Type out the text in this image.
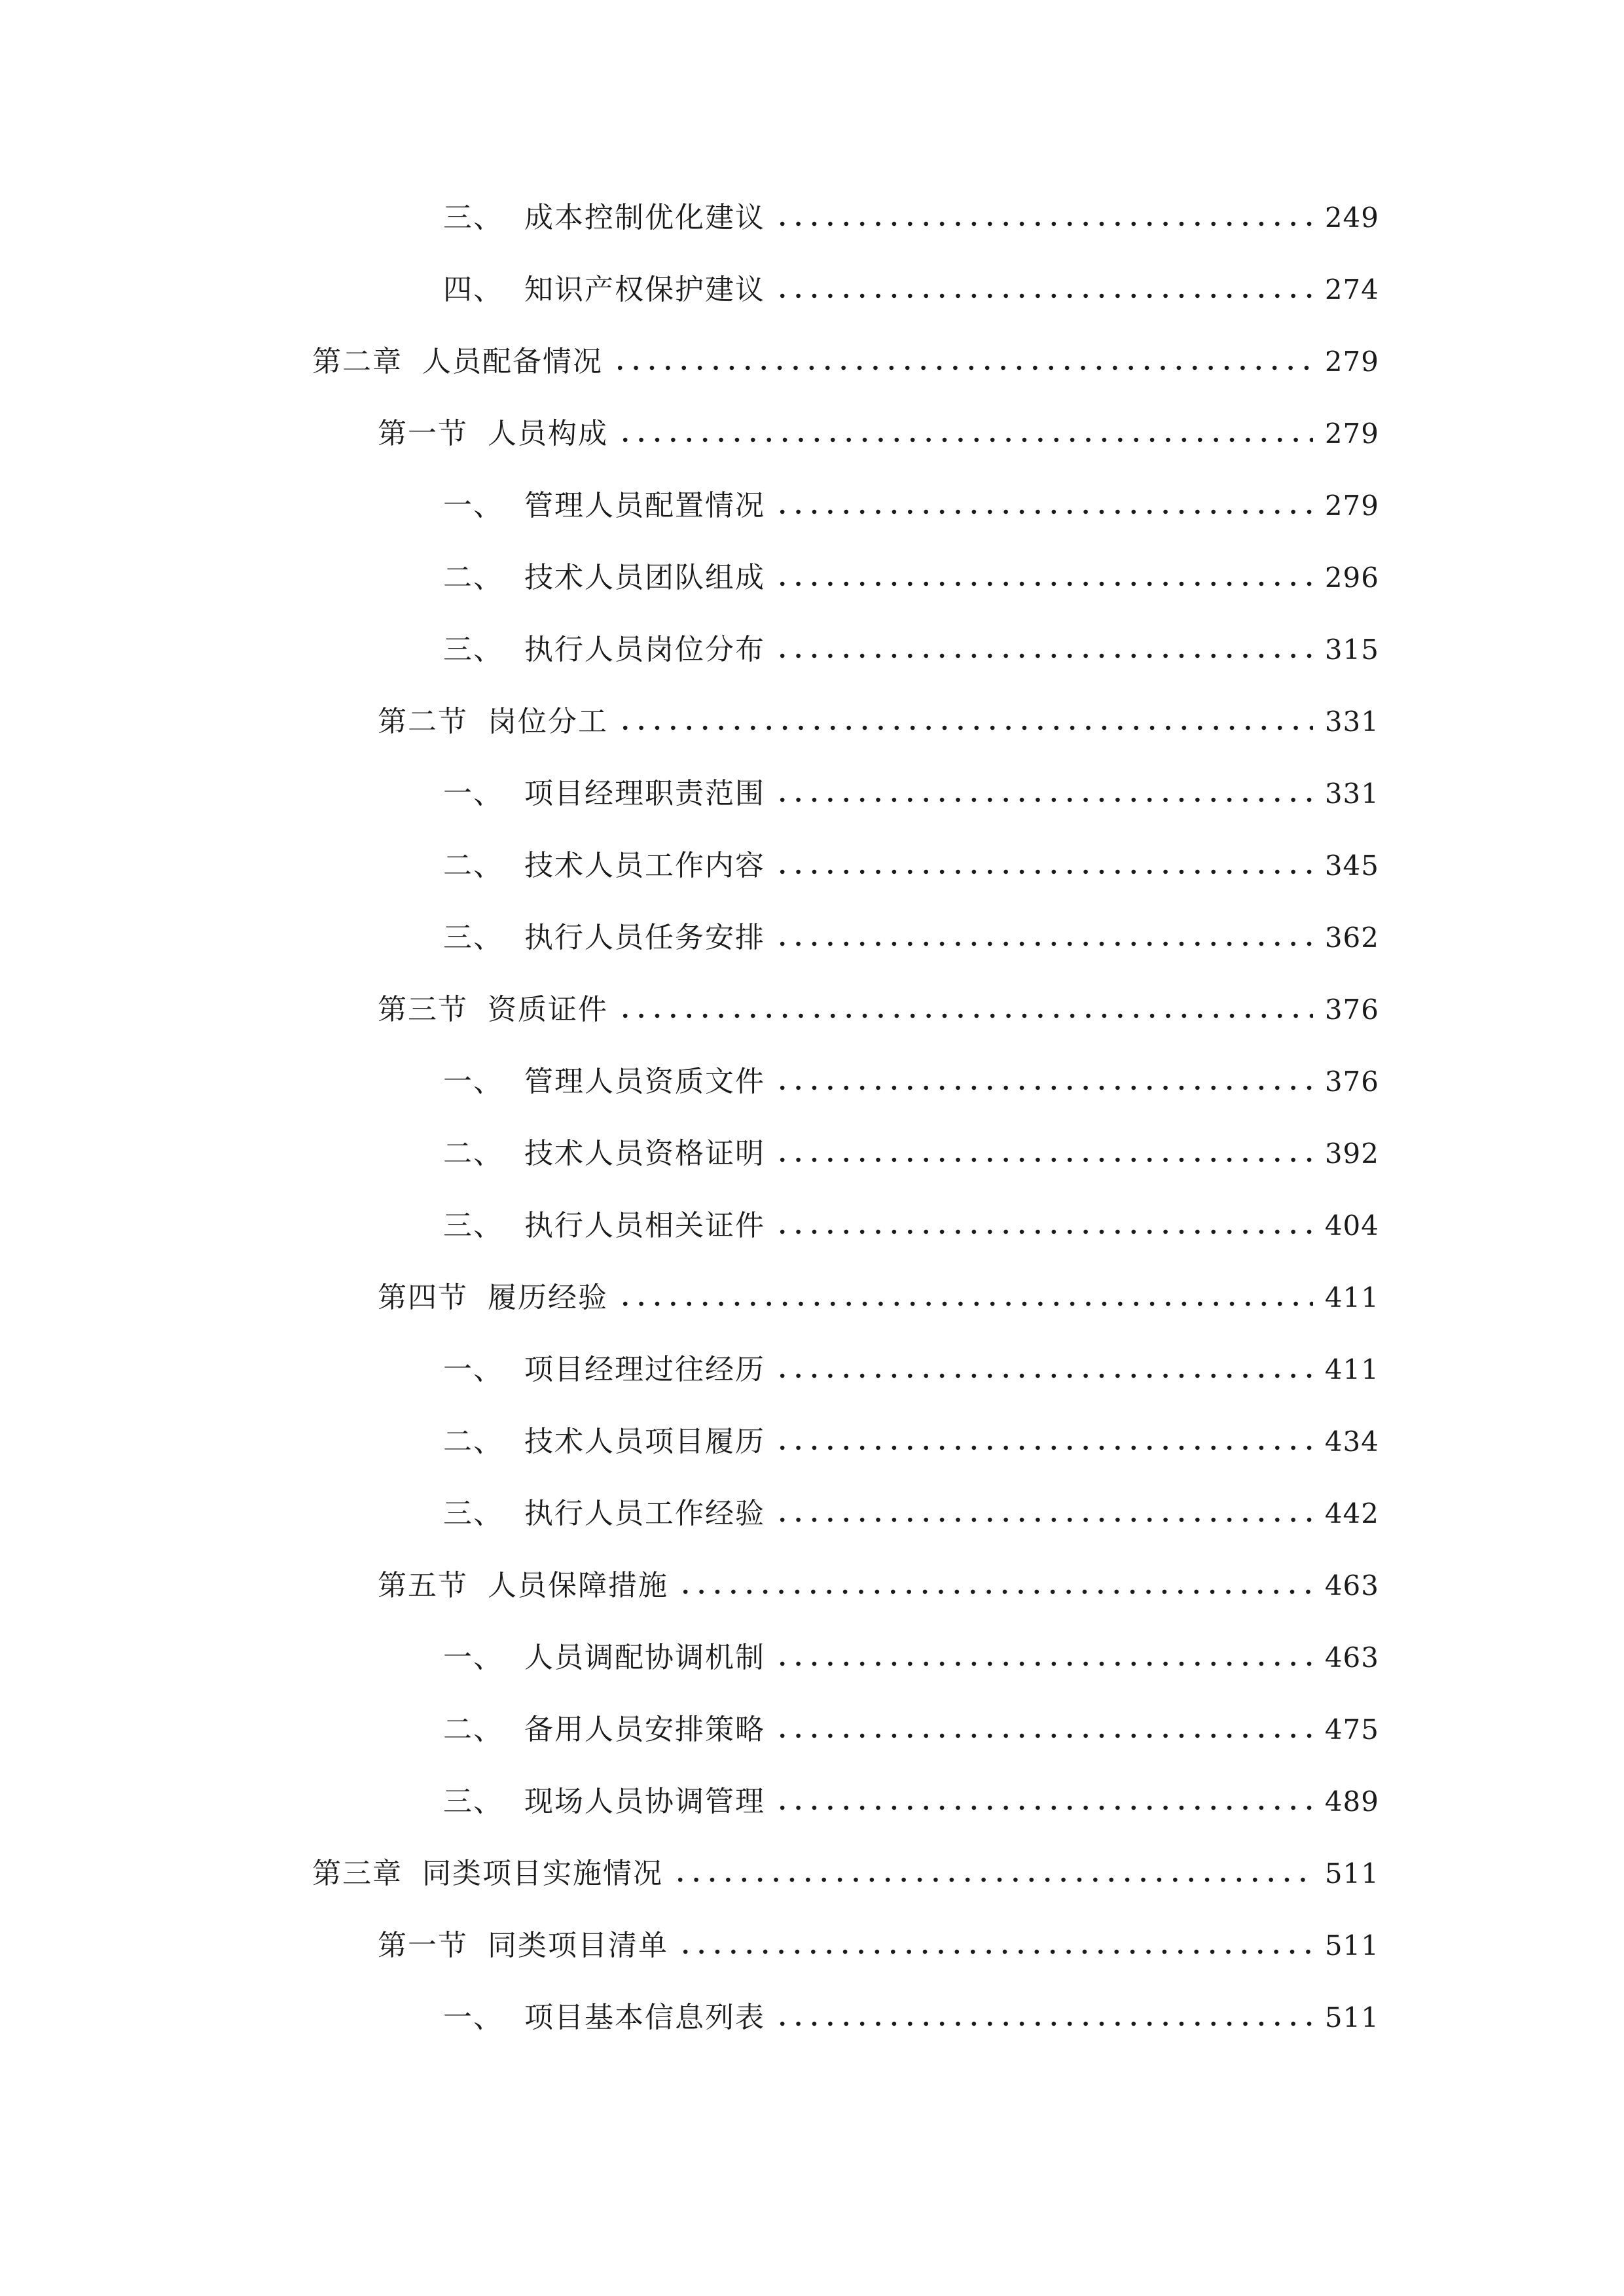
三、 成本控制优化建议	249
四、 知识产权保护建议	274
第二章 人员配备情况	279
第一节 人员构成	279
一、 管理人员配置情况	279
二、 技术人员团队组成	296
三、 执行人员岗位分布	315
第二节 岗位分工	331
一、 项目经理职责范围	331
二、 技术人员工作内容	345
三、 执行人员任务安排	362
第三节 资质证件	376
一、 管理人员资质文件	376
二、 技术人员资格证明	392
三、 执行人员相关证件	404
第四节 履历经验	411
一、 项目经理过往经历	411
二、 技术人员项目履历	434
三、 执行人员工作经验	442
第五节 人员保障措施	463
一、 人员调配协调机制	463
二、 备用人员安排策略	475
三、 现场人员协调管理	489
第三章 同类项目实施情况	511
第一节 同类项目清单	511
一、 项目基本信息列表	511
